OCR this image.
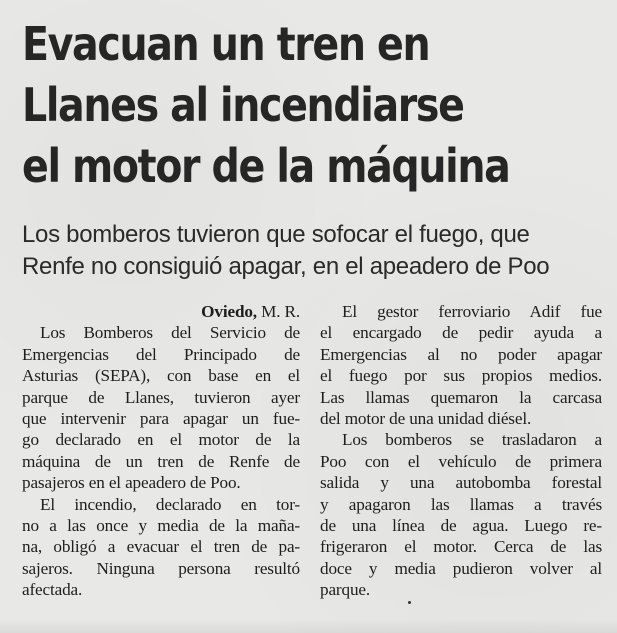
Evacuan un tren en
Llanes al incendiarse
el motor de la máquina
Los bomberos tuvieron que sofocar el fuego, que
Renfe no consiguió apagar, en el apeadero de Poo
Oviedo, M. R.
Los Bomberos del Servicio de
Emergencias del Principado de
Asturias (SEPA), con base en el
parque de Llanes, tuvieron ayer
que intervenir para apagar un fue-
go declarado en el motor de la
máquina de un tren de Renfe de
pasajeros en el apeadero de Poo.
El incendio, declarado en tor-
no a las once y media de la maña-
na, obligó a evacuar el tren de pa-
sajeros. Ninguna persona resultó
afectada.
El gestor ferroviario Adif fue
el encargado de pedir ayuda a
Emergencias al no poder apagar
el fuego por sus propios medios.
Las llamas quemaron la carcasa
del motor de una unidad diésel.
Los bomberos se trasladaron a
Poo con el vehículo de primera
salida y una autobomba forestal
y apagaron las llamas a través
de una línea de agua. Luego re-
frigeraron el motor. Cerca de las
doce y media pudieron volver al
parque.
